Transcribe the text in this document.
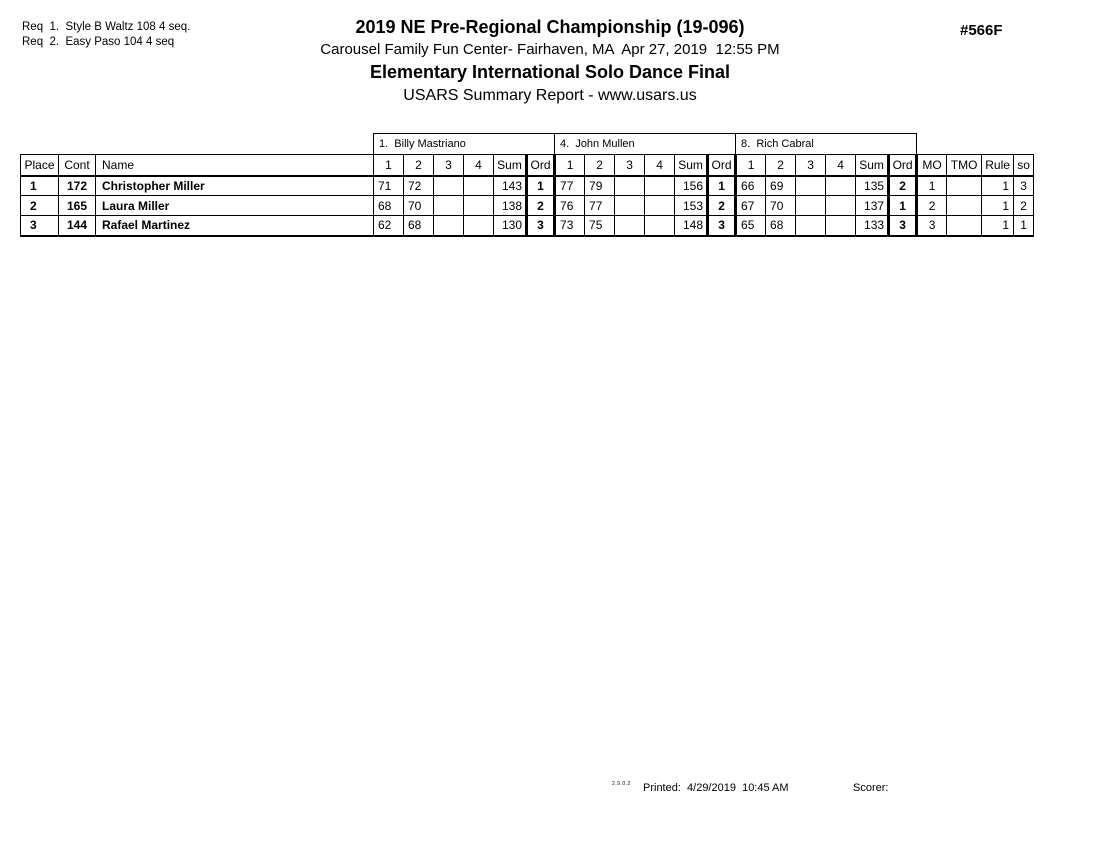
Req  1.  Style B Waltz 108 4 seq.
Req  2.  Easy Paso 104 4 seq
2019 NE Pre-Regional Championship (19-096)
Carousel Family Fun Center- Fairhaven, MA  Apr 27, 2019  12:55 PM
Elementary International Solo Dance Final
USARS Summary Report - www.usars.us
#566F
			1.  Billy Mastriano						4.  John Mullen						8.  Rich Cabral									
Place	Cont	Name	1	2	3	4	Sum	Ord	1	2	3	4	Sum	Ord	1	2	3	4	Sum	Ord	MO	TMO	Rule	so
1	172	Christopher Miller	71	72			143	1	77	79			156	1	66	69			135	2	1		1	3
2	165	Laura Miller	68	70			138	2	76	77			153	2	67	70			137	1	2		1	2
3	144	Rafael Martinez	62	68			130	3	73	75			148	3	65	68			133	3	3		1	1
2.9.0.2 Printed:  4/29/2019  10:45 AM	Scorer:
